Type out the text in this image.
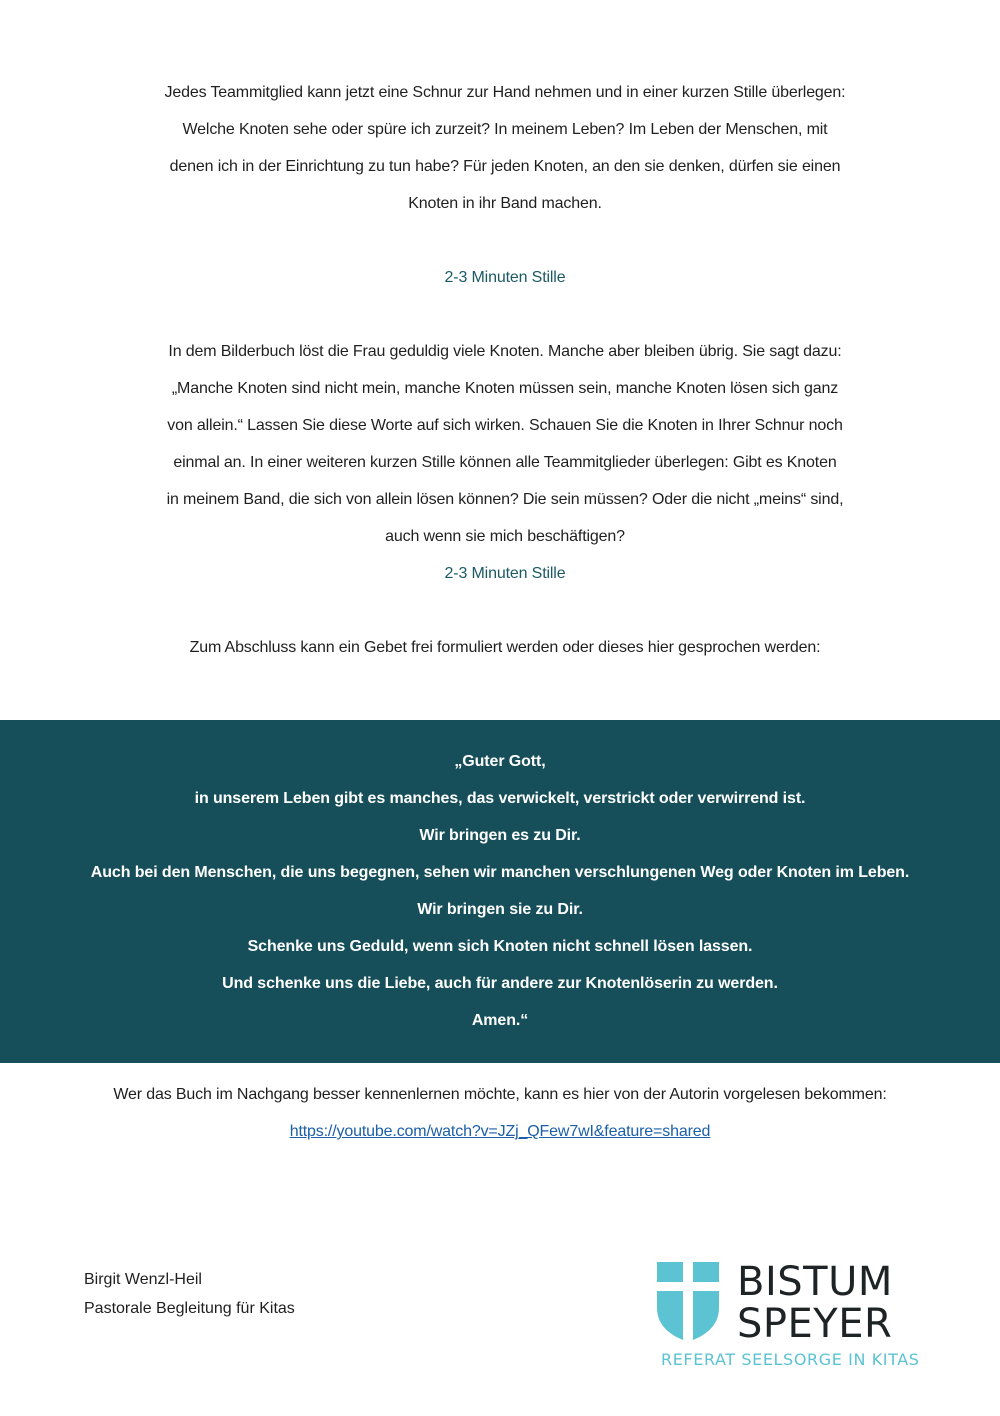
Jedes Teammitglied kann jetzt eine Schnur zur Hand nehmen und in einer kurzen Stille überlegen:
Welche Knoten sehe oder spüre ich zurzeit? In meinem Leben? Im Leben der Menschen, mit
denen ich in der Einrichtung zu tun habe? Für jeden Knoten, an den sie denken, dürfen sie einen
Knoten in ihr Band machen.
2-3 Minuten Stille
In dem Bilderbuch löst die Frau geduldig viele Knoten. Manche aber bleiben übrig. Sie sagt dazu:
„Manche Knoten sind nicht mein, manche Knoten müssen sein, manche Knoten lösen sich ganz
von allein.“ Lassen Sie diese Worte auf sich wirken. Schauen Sie die Knoten in Ihrer Schnur noch
einmal an. In einer weiteren kurzen Stille können alle Teammitglieder überlegen: Gibt es Knoten
in meinem Band, die sich von allein lösen können? Die sein müssen? Oder die nicht „meins“ sind,
auch wenn sie mich beschäftigen?
2-3 Minuten Stille
Zum Abschluss kann ein Gebet frei formuliert werden oder dieses hier gesprochen werden:
„Guter Gott,
in unserem Leben gibt es manches, das verwickelt, verstrickt oder verwirrend ist.
Wir bringen es zu Dir.
Auch bei den Menschen, die uns begegnen, sehen wir manchen verschlungenen Weg oder Knoten im Leben.
Wir bringen sie zu Dir.
Schenke uns Geduld, wenn sich Knoten nicht schnell lösen lassen.
Und schenke uns die Liebe, auch für andere zur Knotenlöserin zu werden.
Amen.“
Wer das Buch im Nachgang besser kennenlernen möchte, kann es hier von der Autorin vorgelesen bekommen:
https://youtube.com/watch?v=JZj_QFew7wI&feature=shared
Birgit Wenzl-Heil
Pastorale Begleitung für Kitas
BISTUM
SPEYER
REFERAT SEELSORGE IN KITAS
